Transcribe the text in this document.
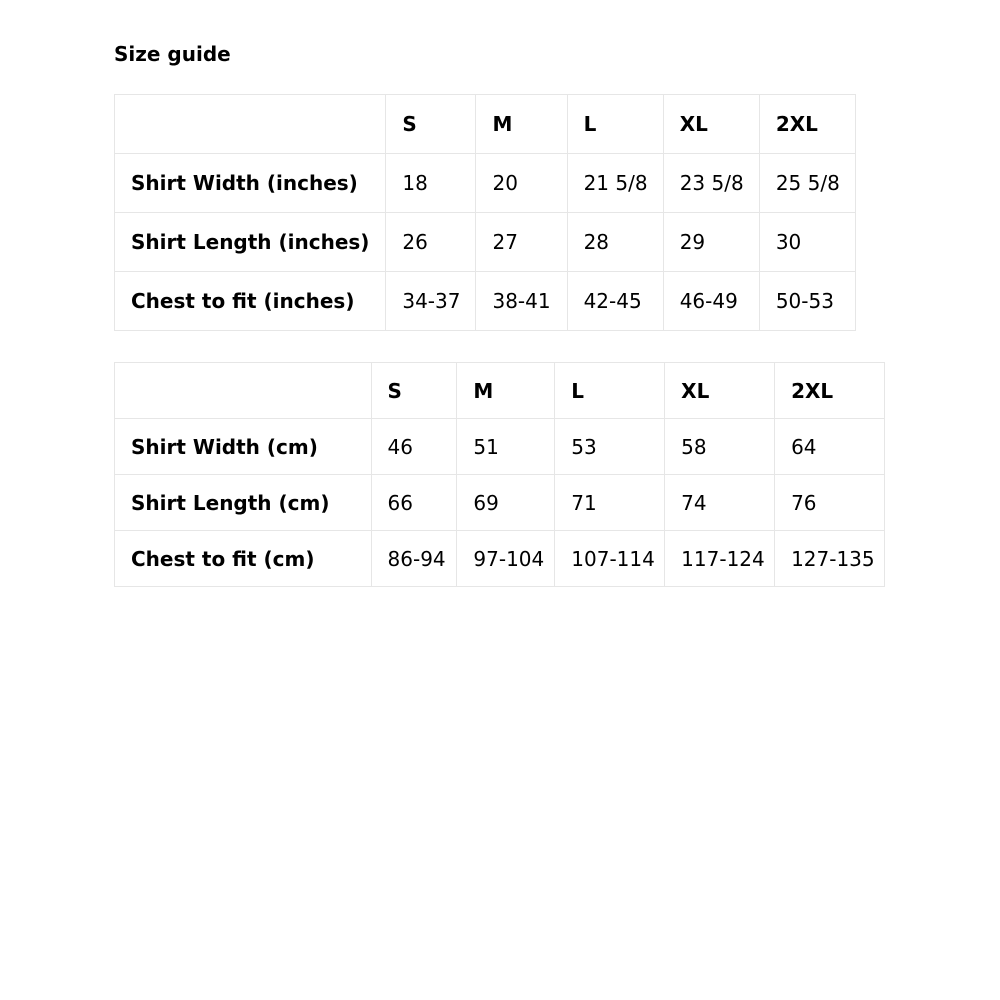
Size guide
	S	M	L	XL	2XL
Shirt Width (inches)	18	20	21 5/8	23 5/8	25 5/8
Shirt Length (inches)	26	27	28	29	30
Chest to fit (inches)	34-37	38-41	42-45	46-49	50-53
	S	M	L	XL	2XL
Shirt Width (cm)	46	51	53	58	64
Shirt Length (cm)	66	69	71	74	76
Chest to fit (cm)	86-94	97-104	107-114	117-124	127-135
